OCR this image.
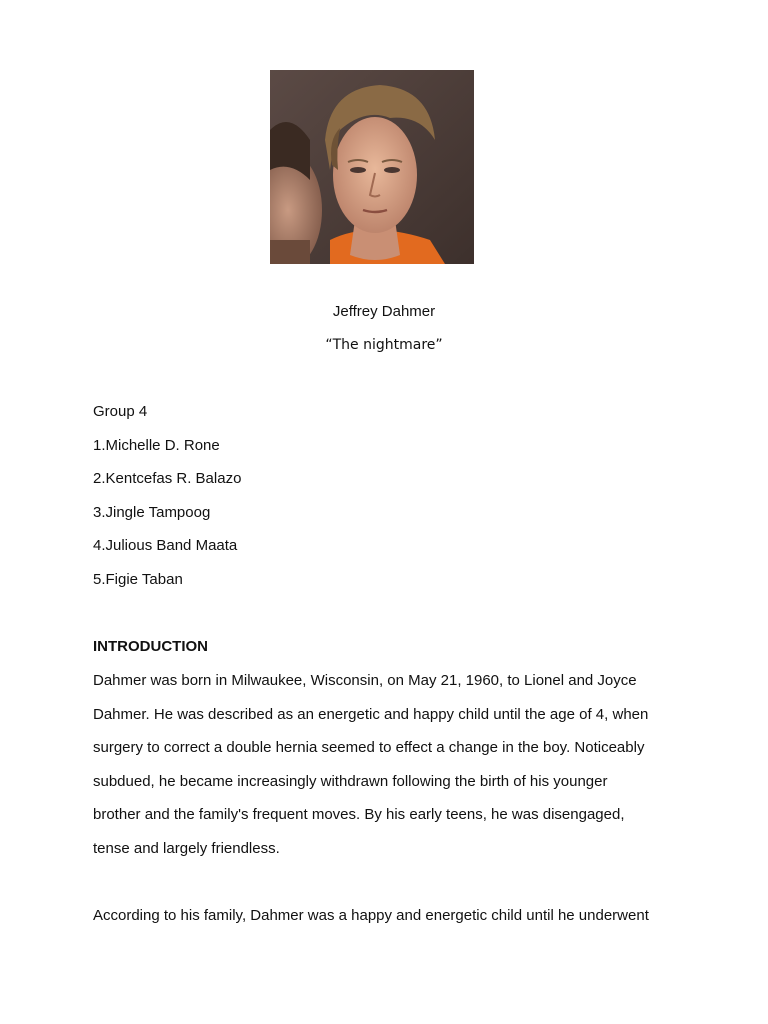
Jeffrey Dahmer
“The nightmare”
Group 4
1.Michelle D. Rone
2.Kentcefas R. Balazo
3.Jingle Tampoog
4.Julious Band Maata
5.Figie Taban
INTRODUCTION
Dahmer was born in Milwaukee, Wisconsin, on May 21, 1960, to Lionel and Joyce
Dahmer. He was described as an energetic and happy child until the age of 4, when
surgery to correct a double hernia seemed to effect a change in the boy. Noticeably
subdued, he became increasingly withdrawn following the birth of his younger
brother and the family's frequent moves. By his early teens, he was disengaged,
tense and largely friendless.
According to his family, Dahmer was a happy and energetic child until he underwent
